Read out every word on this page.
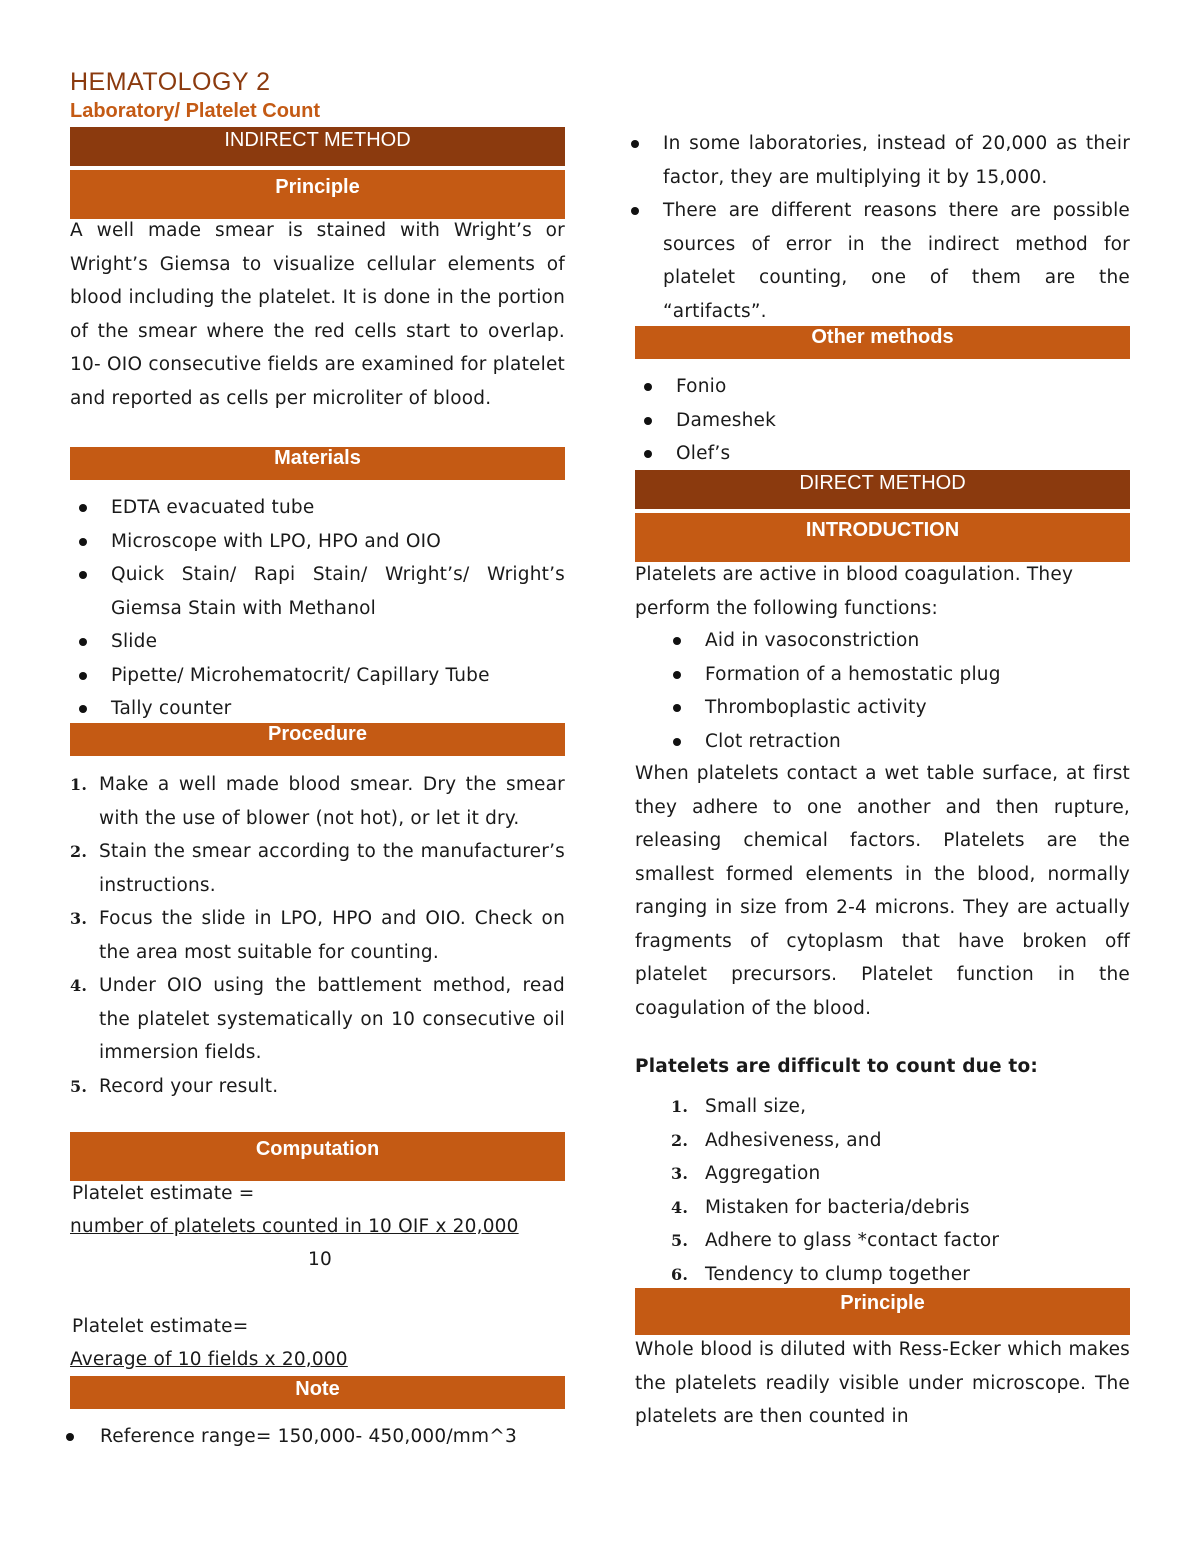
HEMATOLOGY 2
Laboratory/ Platelet Count
INDIRECT METHOD
Principle
A well made smear is stained with Wright’s or Wright’s Giemsa to visualize cellular elements of blood including the platelet. It is done in the portion of the smear where the red cells start to overlap. 10- OIO consecutive fields are examined for platelet and reported as cells per microliter of blood.
Materials
EDTA evacuated tube
Microscope with LPO, HPO and OIO
Quick Stain/ Rapi Stain/ Wright’s/ Wright’s Giemsa Stain with Methanol
Slide
Pipette/ Microhematocrit/ Capillary Tube
Tally counter
Procedure
1. Make a well made blood smear. Dry the smear with the use of blower (not hot), or let it dry.
2. Stain the smear according to the manufacturer’s instructions.
3. Focus the slide in LPO, HPO and OIO. Check on the area most suitable for counting.
4. Under OIO using the battlement method, read the platelet systematically on 10 consecutive oil immersion fields.
5. Record your result.
Computation
Platelet estimate =
number of platelets counted in 10 OIF x 20,000
10
Platelet estimate=
Average of 10 fields x 20,000
Note
Reference range= 150,000- 450,000/mm^3
In some laboratories, instead of 20,000 as their factor, they are multiplying it by 15,000.
There are different reasons there are possible sources of error in the indirect method for platelet counting, one of them are the “artifacts”.
Other methods
Fonio
Dameshek
Olef’s
DIRECT METHOD
INTRODUCTION
Platelets are active in blood coagulation. They perform the following functions:
Aid in vasoconstriction
Formation of a hemostatic plug
Thromboplastic activity
Clot retraction
When platelets contact a wet table surface, at first they adhere to one another and then rupture, releasing chemical factors. Platelets are the smallest formed elements in the blood, normally ranging in size from 2-4 microns. They are actually fragments of cytoplasm that have broken off platelet precursors. Platelet function in the coagulation of the blood.
Platelets are difficult to count due to:
1. Small size,
2. Adhesiveness, and
3. Aggregation
4. Mistaken for bacteria/debris
5. Adhere to glass *contact factor
6. Tendency to clump together
Principle
Whole blood is diluted with Ress-Ecker which makes the platelets readily visible under microscope. The platelets are then counted in
